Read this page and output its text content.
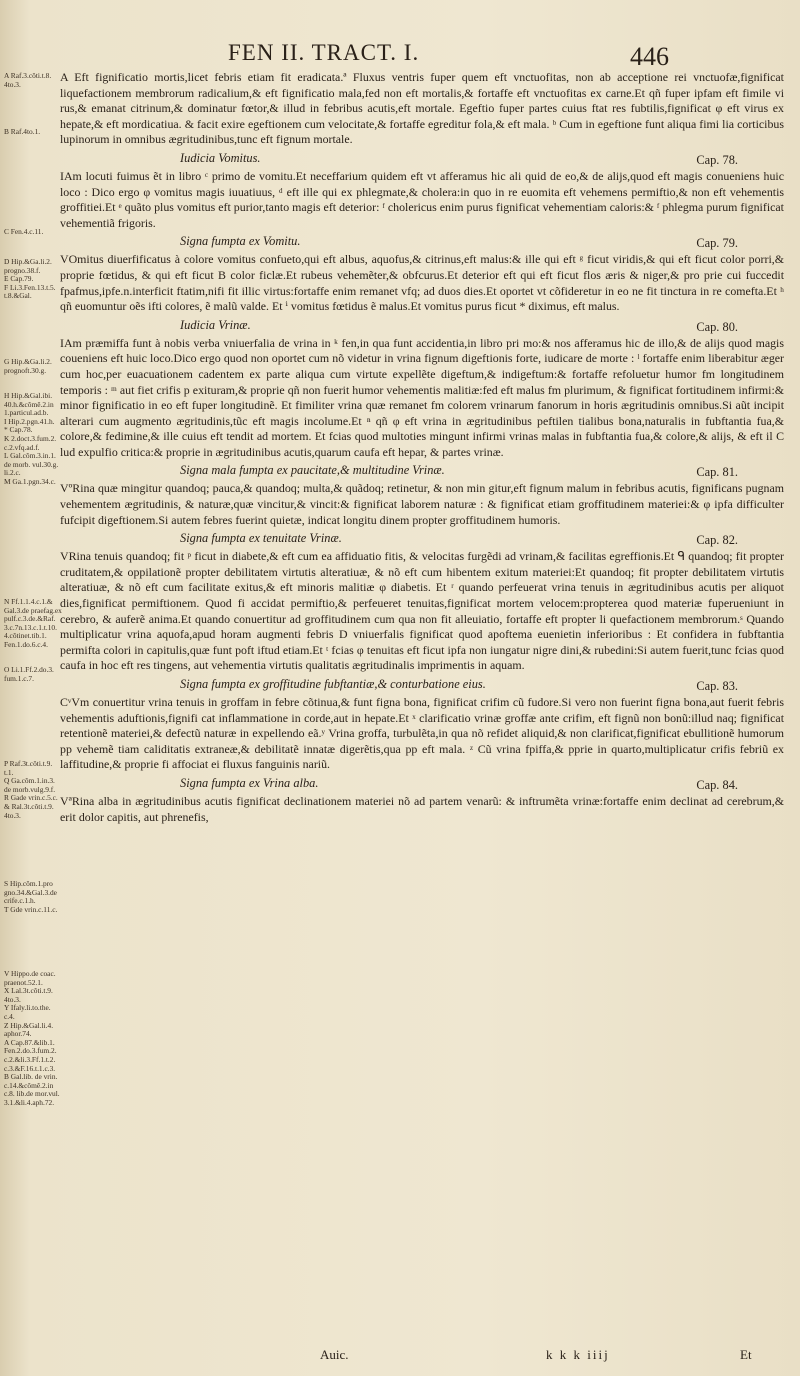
FEN II. TRACT. I.	446
A Raf.3.cõti.t.8.
4to.3.
B Raf.4to.1.
C Fen.4.c.11.
D Hip.&Ga.li.2.
progno.38.f.
E Cap.79.
F Li.3.Fen.13.t.5.
t.8.&Gal.
G Hip.&Ga.li.2.
prognoft.30.g.
H Hip.&Gal.ibi.
40.h.&cõmẽ.2.in
1.particul.ad.b.
I Hip.2.pgn.41.h.
* Cap.78.
K 2.doct.3.fum.2.
c.2.vfq.ad.f.
L Gal.cõm.3.in.1.
de morb. vul.30.g.
li.2.c.
M Ga.1.pgn.34.c.
N Ff.1.1.4.c.1.&
Gal.3.de praefag.ex
pulf.c.3.de.&Raf.
3.c.7n.13.c.1.t.10.
4.cõtinet.tib.1.
Fen.1.do.6.c.4.
O Li.1.Ff.2.do.3.
fum.1.c.7.
P Raf.3t.cõti.t.9.
t.1.
Q Ga.cõm.1.in.3.
de morb.vulg.9.f.
R Gade vrin.c.5.c.
& Ral.3t.cõti.t.9.
4to.3.
S Hip.cõm.1.pro
gno.34.&Gal.3.de
crife.c.1.h.
T Gde vrin.c.11.c.
V Hippo.de coac.
praenot.52.1.
X Lal.3t.cõti.t.9.
4to.3.
Y Ifaly.li.to.the.
c.4.
Z Hip.&Gal.li.4.
aphor.74.
A Cap.87.&lib.1.
Fen.2.do.3.fum.2.
c.2.&li.3.Ff.1.t.2.
c.3.&F.16.t.1.c.3.
B Gal.lib. de vrin.
c.14.&cõmẽ.2.in
c.8. lib.de mor.vul.
3.1.&li.4.aph.72.

A Eft fignificatio mortis,licet febris etiam fit eradicata.ª Fluxus ventris fuper quem eft vnctuofitas, non ab acceptione rei vnctuofæ,fignificat liquefactionem membrorum radicalium,& eft fignificatio mala,fed non eft mortalis,& fortaffe eft vnctuofitas ex carne.Et qñ fuper ipfam eft fimile vi rus,& emanat citrinum,& dominatur fœtor,& illud in febribus acutis,eft mortale. Egeftio fuper partes cuius ftat res fubtilis,fignificat φ eft virus ex hepate,& eft mordicatiua. & facit exire egeftionem cum velocitate,& fortaffe egreditur fola,& eft mala. ᵇ Cum in egeftione funt aliqua fimi lia corticibus lupinorum in omnibus ægritudinibus,tunc eft fignum mortale.

Iudicia Vomitus.	Cap. 78.

IAm locuti fuimus ẽt in libro ᶜ primo de vomitu.Et neceffarium quidem eft vt afferamus hic ali quid de eo,& de alijs,quod eft magis conueniens huic loco : Dico ergo φ vomitus magis iuuatiuus, ᵈ eft ille qui ex phlegmate,& cholera:in quo in re euomita eft vehemens permiftio,& non eft vehementis groffitiei.Et ᵉ quãto plus vomitus eft purior,tanto magis eft deterior: ᶠ cholericus enim purus fignificat vehementiam caloris:& ᶠ phlegma purum fignificat vehementiã frigoris.

Signa fumpta ex Vomitu.	Cap. 79.

VOmitus diuerfificatus à colore vomitus confueto,qui eft albus, aquofus,& citrinus,eft malus:& ille qui eft ᵍ ficut viridis,& qui eft ficut color porri,& proprie fœtidus, & qui eft ficut B color ficlæ.Et rubeus vehemẽter,& obfcurus.Et deterior eft qui eft ficut flos æris & niger,& pro prie cui fuccedit fpafmus,ipfe.n.interficit ftatim,nifi fit illic virtus:fortaffe enim remanet vfq; ad duos dies.Et oportet vt cõfideretur in eo ne fit tinctura in re comefta.Et ʰ qñ euomuntur oẽs ifti colores, ẽ malũ valde. Et ⁱ vomitus fœtidus ẽ malus.Et vomitus purus ficut * diximus, eft malus.

Iudicia Vrinæ.	Cap. 80.

IAm præmiffa funt à nobis verba vniuerfalia de vrina in ᵏ fen,in qua funt accidentia,in libro pri mo:& nos afferamus hic de illo,& de alijs quod magis coueniens eft huic loco.Dico ergo quod non oportet cum nõ videtur in vrina fignum digeftionis forte, iudicare de morte : ˡ fortaffe enim liberabitur æger cum hoc,per euacuationem cadentem ex parte aliqua cum virtute expellẽte digeftum,& indigeftum:& fortaffe refoluetur humor fm longitudinem temporis : ᵐ aut fiet crifis p exituram,& proprie qñ non fuerit humor vehementis malitiæ:fed eft malus fm plurimum, & fignificat fortitudinem infirmi:& minor fignificatio in eo eft fuper longitudinẽ. Et fimiliter vrina quæ remanet fm colorem vrinarum fanorum in horis ægritudinis omnibus.Si aũt incipit alterari cum augmento ægritudinis,tũc eft magis incolume.Et ⁿ qñ φ eft vrina in ægritudinibus peftilen tialibus bona,naturalis in fubftantia fua,& colore,& fedimine,& ille cuius eft tendit ad mortem. Et fcias quod multoties mingunt infirmi vrinas malas in fubftantia fua,& colore,& alijs, & eft il C lud expulfio critica:& proprie in ægritudinibus acutis,quarum caufa eft hepar, & partes vrinæ.

Signa mala fumpta ex paucitate,& multitudine Vrinæ.	Cap. 81.

VºRina quæ mingitur quandoq; pauca,& quandoq; multa,& quãdoq; retinetur, & non min gitur,eft fignum malum in febribus acutis, fignificans pugnam vehementem ægritudinis, & naturæ,quæ vincitur,& vincit:& fignificat laborem naturæ : & fignificat etiam groffitudinem materiei:& φ ipfa difficulter fufcipit digeftionem.Si autem febres fuerint quietæ, indicat longitu dinem propter groffitudinem humoris.

Signa fumpta ex tenuitate Vrinæ.	Cap. 82.

VRina tenuis quandoq; fit ᵖ ficut in diabete,& eft cum ea affiduatio fitis, & velocitas furgẽdi ad vrinam,& facilitas egreffionis.Et ᑫ quandoq; fit propter cruditatem,& oppilationẽ propter debilitatem virtutis alteratiuæ, & nõ eft cum hibentem exitum materiei:Et quandoq; fit propter debilitatem virtutis alteratiuæ, & nõ eft cum facilitate exitus,& eft minoris malitiæ φ diabetis. Et ʳ quando perfeuerat vrina tenuis in ægritudinibus acutis per aliquot dies,fignificat permiftionem. Quod fi accidat permiftio,& perfeueret tenuitas,fignificat mortem velocem:propterea quod materiæ fuperueniunt in cerebro, & auferẽ anima.Et quando conuertitur ad groffitudinem cum qua non fit alleuiatio, fortaffe eft propter li quefactionem membrorum.ˢ Quando multiplicatur vrina aquofa,apud horam augmenti febris D vniuerfalis fignificat quod apoftema euenietin inferioribus : Et confidera in fubftantia permifta colori in capitulis,quæ funt poft iftud etiam.Et ᵗ fcias φ tenuitas eft ficut ipfa non iungatur nigre dini,& rubedini:Si autem fuerit,tunc fcias quod caufa in hoc eft res tingens, aut vehementia virtutis qualitatis ægritudinalis imprimentis in aquam.

Signa fumpta ex groffitudine fubftantiæ,& conturbatione eius.	Cap. 83.

CᵛVm conuertitur vrina tenuis in groffam in febre cõtinua,& funt figna bona, fignificat crifim cũ fudore.Si vero non fuerint figna bona,aut fuerit febris vehementis aduftionis,fignifi cat inflammatione in corde,aut in hepate.Et ˣ clarificatio vrinæ groffæ ante crifim, eft fignũ non bonũ:illud naq; fignificat retentionẽ materiei,& defectũ naturæ in expellendo eã.ʸ Vrina groffa, turbulẽta,in qua nõ refidet aliquid,& non clarificat,fignificat ebullitionẽ humorum pp vehemẽ tiam caliditatis extraneæ,& debilitatẽ innatæ digerẽtis,qua pp eft mala. ᶻ Cũ vrina fpiffa,& pprie in quarto,multiplicatur crifis febriũ ex laffitudine,& proprie fi affociat ei fluxus fanguinis nariũ.

Signa fumpta ex Vrina alba.	Cap. 84.

VªRina alba in ægritudinibus acutis fignificat declinationem materiei nõ ad partem venarũ: & inftrumẽta vrinæ:fortaffe enim declinat ad cerebrum,& erit dolor capitis, aut phrenefis,

Auic.	k k k iiij	Et
